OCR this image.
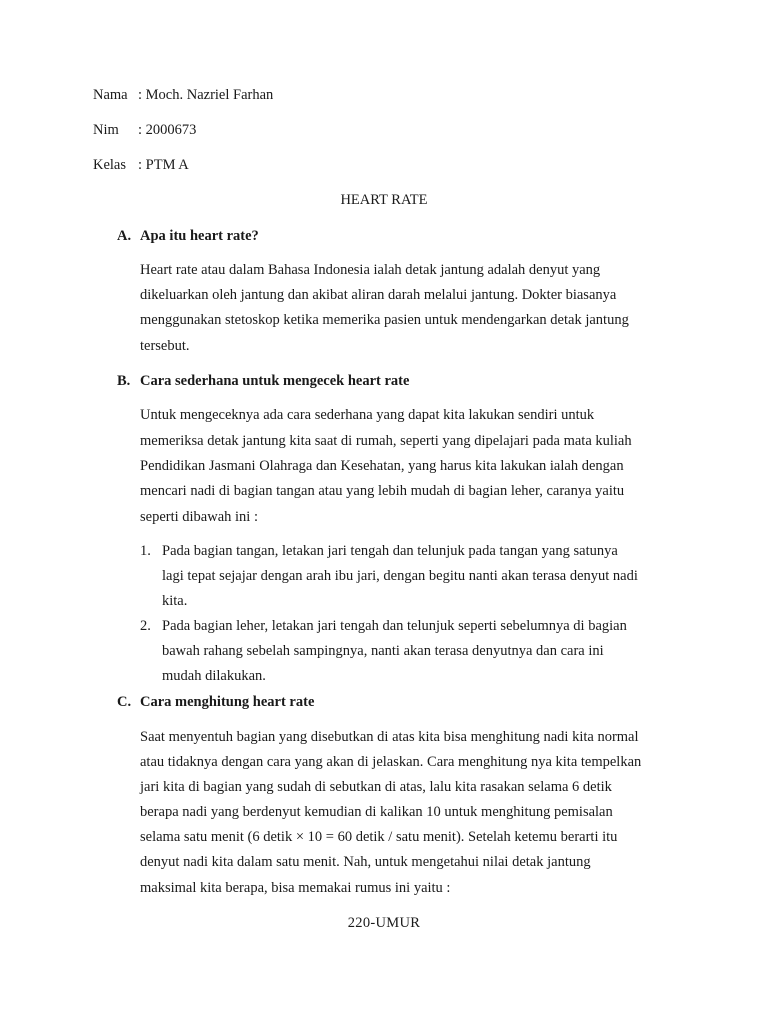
Nama : Moch. Nazriel Farhan
Nim : 2000673
Kelas : PTM A
HEART RATE
A. Apa itu heart rate?
Heart rate atau dalam Bahasa Indonesia ialah detak jantung adalah denyut yang
dikeluarkan oleh jantung dan akibat aliran darah melalui jantung. Dokter biasanya
menggunakan stetoskop ketika memerika pasien untuk mendengarkan detak jantung
tersebut.
B. Cara sederhana untuk mengecek heart rate
Untuk mengeceknya ada cara sederhana yang dapat kita lakukan sendiri untuk
memeriksa detak jantung kita saat di rumah, seperti yang dipelajari pada mata kuliah
Pendidikan Jasmani Olahraga dan Kesehatan, yang harus kita lakukan ialah dengan
mencari nadi di bagian tangan atau yang lebih mudah di bagian leher, caranya yaitu
seperti dibawah ini :
1. Pada bagian tangan, letakan jari tengah dan telunjuk pada tangan yang satunya
lagi tepat sejajar dengan arah ibu jari, dengan begitu nanti akan terasa denyut nadi
kita.
2. Pada bagian leher, letakan jari tengah dan telunjuk seperti sebelumnya di bagian
bawah rahang sebelah sampingnya, nanti akan terasa denyutnya dan cara ini
mudah dilakukan.
C. Cara menghitung heart rate
Saat menyentuh bagian yang disebutkan di atas kita bisa menghitung nadi kita normal
atau tidaknya dengan cara yang akan di jelaskan. Cara menghitung nya kita tempelkan
jari kita di bagian yang sudah di sebutkan di atas, lalu kita rasakan selama 6 detik
berapa nadi yang berdenyut kemudian di kalikan 10 untuk menghitung pemisalan
selama satu menit (6 detik × 10 = 60 detik / satu menit). Setelah ketemu berarti itu
denyut nadi kita dalam satu menit. Nah, untuk mengetahui nilai detak jantung
maksimal kita berapa, bisa memakai rumus ini yaitu :
220-UMUR
